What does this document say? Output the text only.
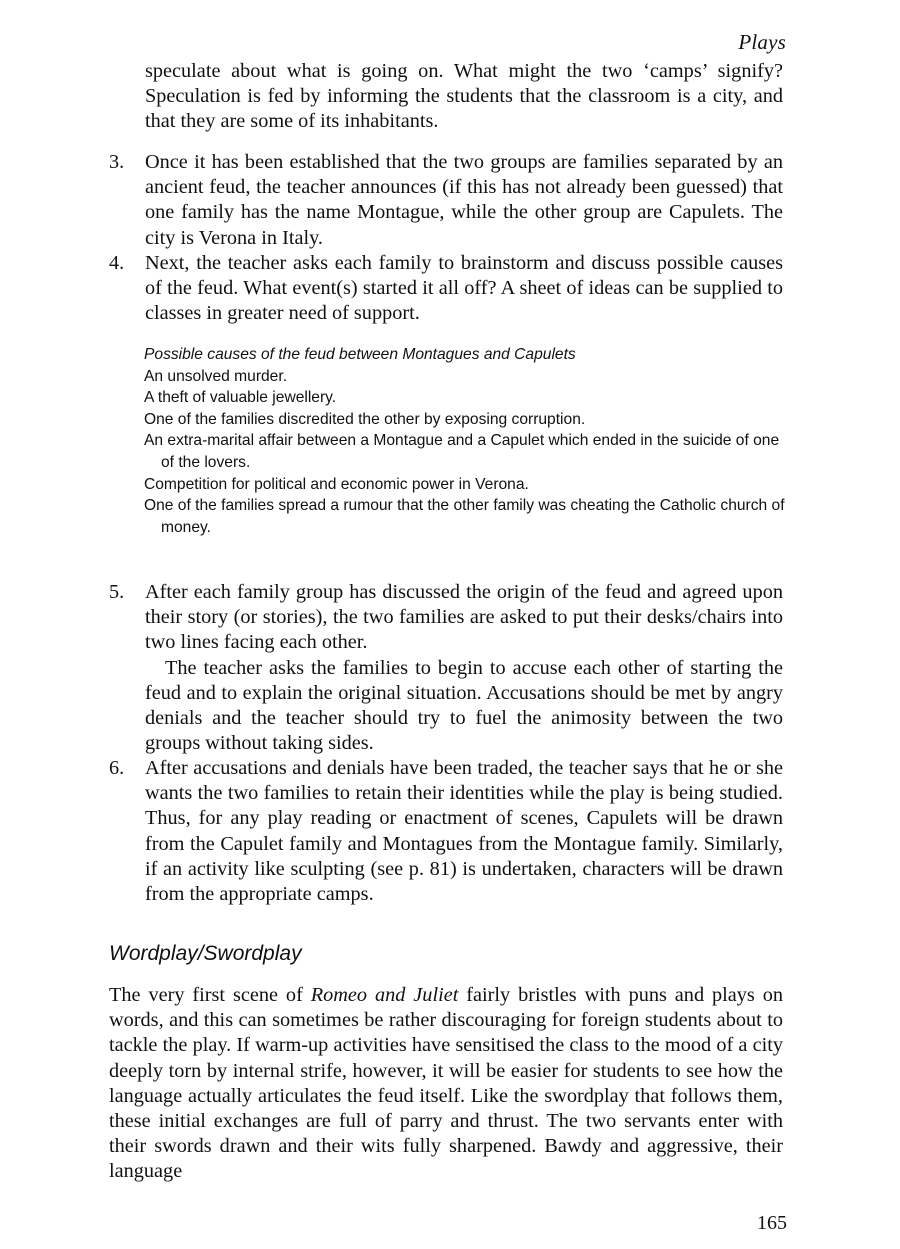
Plays

speculate about what is going on. What might the two ‘camps’ signify? Speculation is fed by informing the students that the classroom is a city, and that they are some of its inhabitants.

3.	Once it has been established that the two groups are families separated by an ancient feud, the teacher announces (if this has not already been guessed) that one family has the name Montague, while the other group are Capulets. The city is Verona in Italy.

4.	Next, the teacher asks each family to brainstorm and discuss possible causes of the feud. What event(s) started it all off? A sheet of ideas can be supplied to classes in greater need of support.

Possible causes of the feud between Montagues and Capulets
An unsolved murder.
A theft of valuable jewellery.
One of the families discredited the other by exposing corruption.
An extra-marital affair between a Montague and a Capulet which ended in the suicide of one of the lovers.
Competition for political and economic power in Verona.
One of the families spread a rumour that the other family was cheating the Catholic church of money.
5.	After each family group has discussed the origin of the feud and agreed upon their story (or stories), the two families are asked to put their desks/chairs into two lines facing each other.

The teacher asks the families to begin to accuse each other of starting the feud and to explain the original situation. Accusations should be met by angry denials and the teacher should try to fuel the animosity between the two groups without taking sides.

6.	After accusations and denials have been traded, the teacher says that he or she wants the two families to retain their identities while the play is being studied. Thus, for any play reading or enactment of scenes, Capulets will be drawn from the Capulet family and Montagues from the Montague family. Similarly, if an activity like sculpting (see p. 81) is undertaken, characters will be drawn from the appropriate camps.

Wordplay/Swordplay

The very first scene of Romeo and Juliet fairly bristles with puns and plays on words, and this can sometimes be rather discouraging for foreign students about to tackle the play. If warm-up activities have sensitised the class to the mood of a city deeply torn by internal strife, however, it will be easier for students to see how the language actually articulates the feud itself. Like the swordplay that follows them, these initial exchanges are full of parry and thrust. The two servants enter with their swords drawn and their wits fully sharpened. Bawdy and aggressive, their language

165
